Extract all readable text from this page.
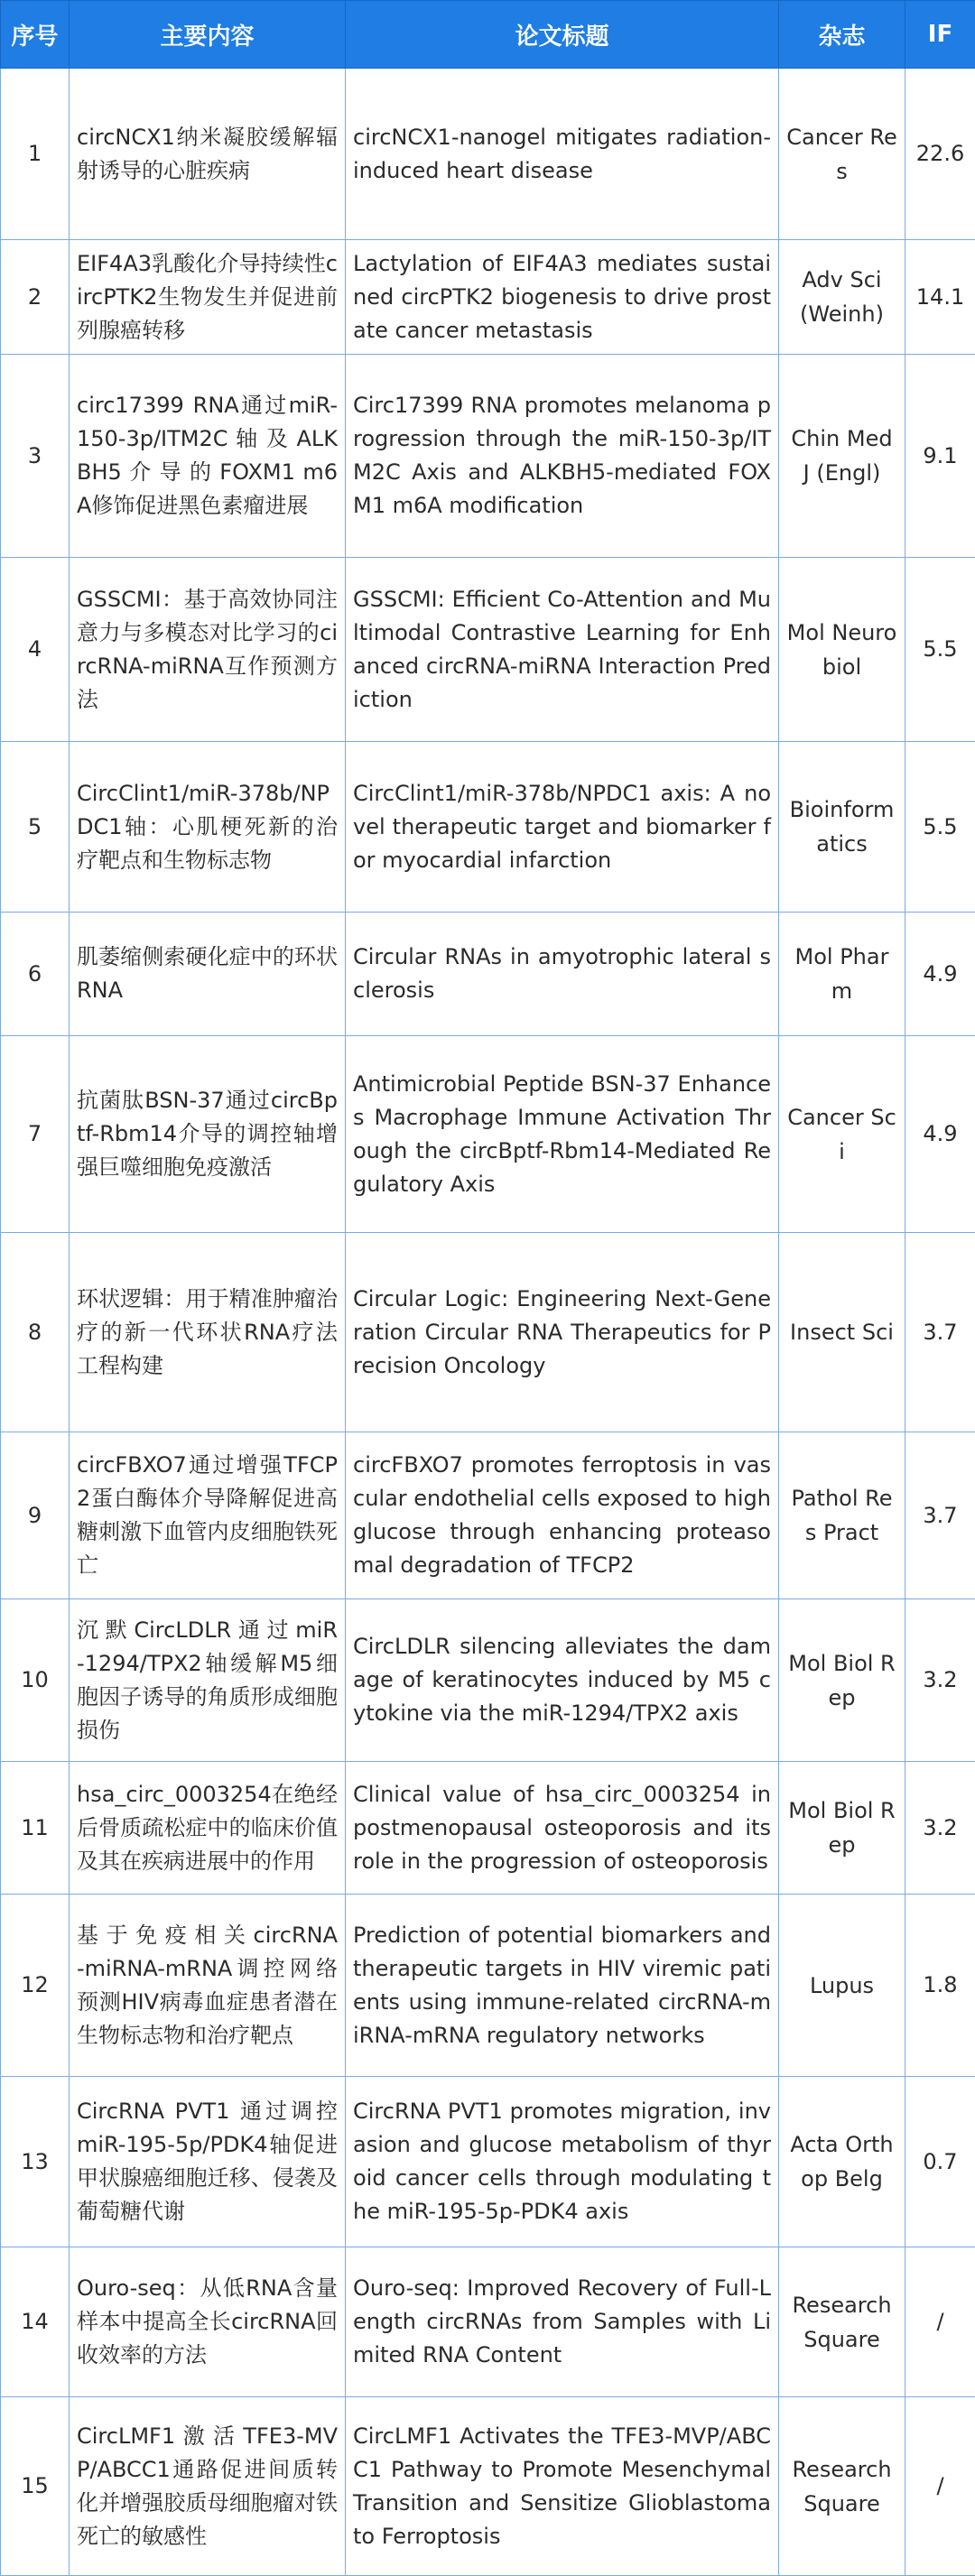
序号	主要内容	论文标题	杂志	IF
1	circNCX1纳米凝胶缓解辐射诱导的心脏疾病	circNCX1-nanogel mitigates radiation-induced heart disease	Cancer Res	22.6
2	EIF4A3乳酸化介导持续性circPTK2生物发生并促进前列腺癌转移	Lactylation of EIF4A3 mediates sustained circPTK2 biogenesis to drive prostate cancer metastasis	Adv Sci (Weinh)	14.1
3	circ17399 RNA通过miR-150-3p/ITM2C 轴 及 ALKBH5 介 导 的 FOXM1 m6A修饰促进黑色素瘤进展	Circ17399 RNA promotes melanoma progression through the miR-150-3p/ITM2C Axis and ALKBH5-mediated FOXM1 m6A modification	Chin Med J (Engl)	9.1
4	GSSCMI：基于高效协同注意力与多模态对比学习的circRNA-miRNA互作预测方法	GSSCMI: Efficient Co-Attention and Multimodal Contrastive Learning for Enhanced circRNA-miRNA Interaction Prediction	Mol Neurobiol	5.5
5	CircClint1/miR-378b/NPDC1轴：心肌梗死新的治疗靶点和生物标志物	CircClint1/miR-378b/NPDC1 axis: A novel therapeutic target and biomarker for myocardial infarction	Bioinformatics	5.5
6	肌萎缩侧索硬化症中的环状RNA	Circular RNAs in amyotrophic lateral sclerosis	Mol Pharm	4.9
7	抗菌肽BSN-37通过circBptf-Rbm14介导的调控轴增强巨噬细胞免疫激活	Antimicrobial Peptide BSN-37 Enhances Macrophage Immune Activation Through the circBptf-Rbm14-Mediated Regulatory Axis	Cancer Sci	4.9
8	环状逻辑：用于精准肿瘤治疗的新一代环状RNA疗法工程构建	Circular Logic: Engineering Next-Generation Circular RNA Therapeutics for Precision Oncology	Insect Sci	3.7
9	circFBXO7通过增强TFCP2蛋白酶体介导降解促进高糖刺激下血管内皮细胞铁死亡	circFBXO7 promotes ferroptosis in vascular endothelial cells exposed to high glucose through enhancing proteasomal degradation of TFCP2	Pathol Res Pract	3.7
10	沉 默 CircLDLR 通 过 miR-1294/TPX2轴缓解M5细胞因子诱导的角质形成细胞损伤	CircLDLR silencing alleviates the damage of keratinocytes induced by M5 cytokine via the miR-1294/TPX2 axis	Mol Biol Rep	3.2
11	hsa_circ_0003254在绝经后骨质疏松症中的临床价值及其在疾病进展中的作用	Clinical value of hsa_circ_0003254 in postmenopausal osteoporosis and its role in the progression of osteoporosis	Mol Biol Rep	3.2
12	基 于 免 疫 相 关 circRNA-miRNA-mRNA调控网络预测HIV病毒血症患者潜在生物标志物和治疗靶点	Prediction of potential biomarkers and therapeutic targets in HIV viremic patients using immune-related circRNA-miRNA-mRNA regulatory networks	Lupus	1.8
13	CircRNA PVT1 通过调控 miR-195-5p/PDK4轴促进甲状腺癌细胞迁移、侵袭及葡萄糖代谢	CircRNA PVT1 promotes migration, invasion and glucose metabolism of thyroid cancer cells through modulating the miR-195-5p-PDK4 axis	Acta Orthop Belg	0.7
14	Ouro-seq：从低RNA含量样本中提高全长circRNA回收效率的方法	Ouro-seq: Improved Recovery of Full-Length circRNAs from Samples with Limited RNA Content	Research Square	/
15	CircLMF1 激 活 TFE3-MVP/ABCC1通路促进间质转化并增强胶质母细胞瘤对铁死亡的敏感性	CircLMF1 Activates the TFE3-MVP/ABCC1 Pathway to Promote Mesenchymal Transition and Sensitize Glioblastoma to Ferroptosis	Research Square	/
